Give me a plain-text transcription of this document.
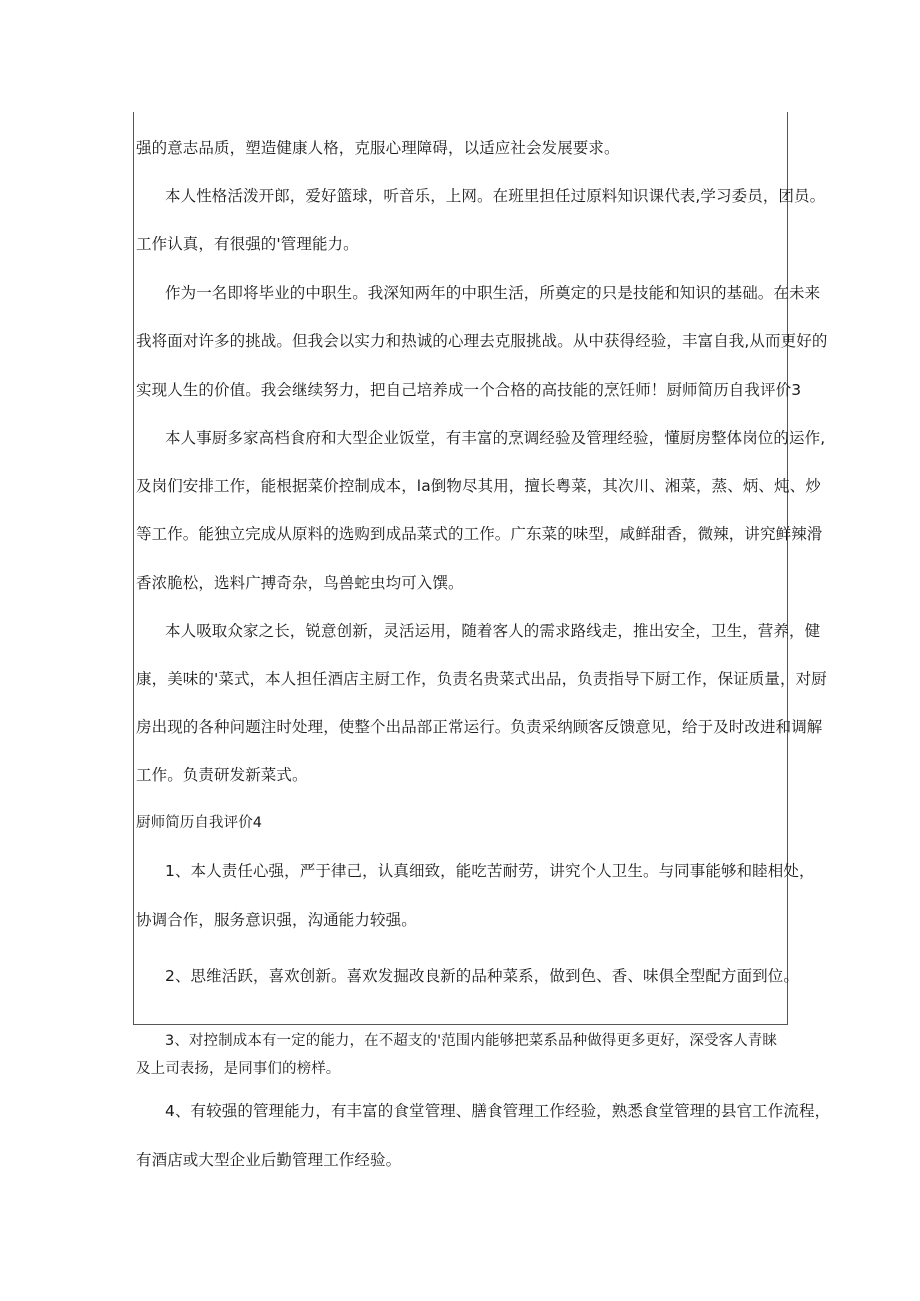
强的意志品质，塑造健康人格，克服心理障碍，以适应社会发展要求。
本人性格活泼开郎，爱好篮球，听音乐，上网。在班里担任过原料知识课代表,学习委员，团员。
工作认真，有很强的'管理能力。
作为一名即将毕业的中职生。我深知两年的中职生活，所奠定的只是技能和知识的基础。在未来
我将面对许多的挑战。但我会以实力和热诚的心理去克服挑战。从中获得经验，丰富自我,从而更好的
实现人生的价值。我会继续努力，把自己培养成一个合格的高技能的烹饪师！厨师简历自我评价3
本人事厨多家高档食府和大型企业饭堂，有丰富的烹调经验及管理经验，懂厨房整体岗位的运作,
及岗们安排工作，能根据菜价控制成本，la倒物尽其用，擅长粤菜，其次川、湘菜，蒸、炳、炖、炒
等工作。能独立完成从原料的选购到成品菜式的工作。广东菜的味型，咸鲜甜香，微辣，讲究鲜辣滑
香浓脆松，选料广搏奇杂，鸟兽蛇虫均可入馔。
本人吸取众家之长，锐意创新，灵活运用，随着客人的需求路线走，推出安全，卫生，营养，健
康，美味的'菜式，本人担任酒店主厨工作，负责名贵菜式出品，负责指导下厨工作，保证质量，对厨
房出现的各种问题注时处理，使整个出品部正常运行。负责采纳顾客反馈意见，给于及时改进和调解
工作。负责研发新菜式。
厨师简历自我评价4
1、本人责任心强，严于律己，认真细致，能吃苦耐劳，讲究个人卫生。与同事能够和睦相处，
协调合作，服务意识强，沟通能力较强。
2、思维活跃，喜欢创新。喜欢发掘改良新的品种菜系，做到色、香、味俱全型配方面到位。
3、对控制成本有一定的能力，在不超支的'范围内能够把菜系品种做得更多更好，深受客人青睐
及上司表扬，是同事们的榜样。
4、有较强的管理能力，有丰富的食堂管理、膳食管理工作经验，熟悉食堂管理的县官工作流程，
有酒店或大型企业后勤管理工作经验。
